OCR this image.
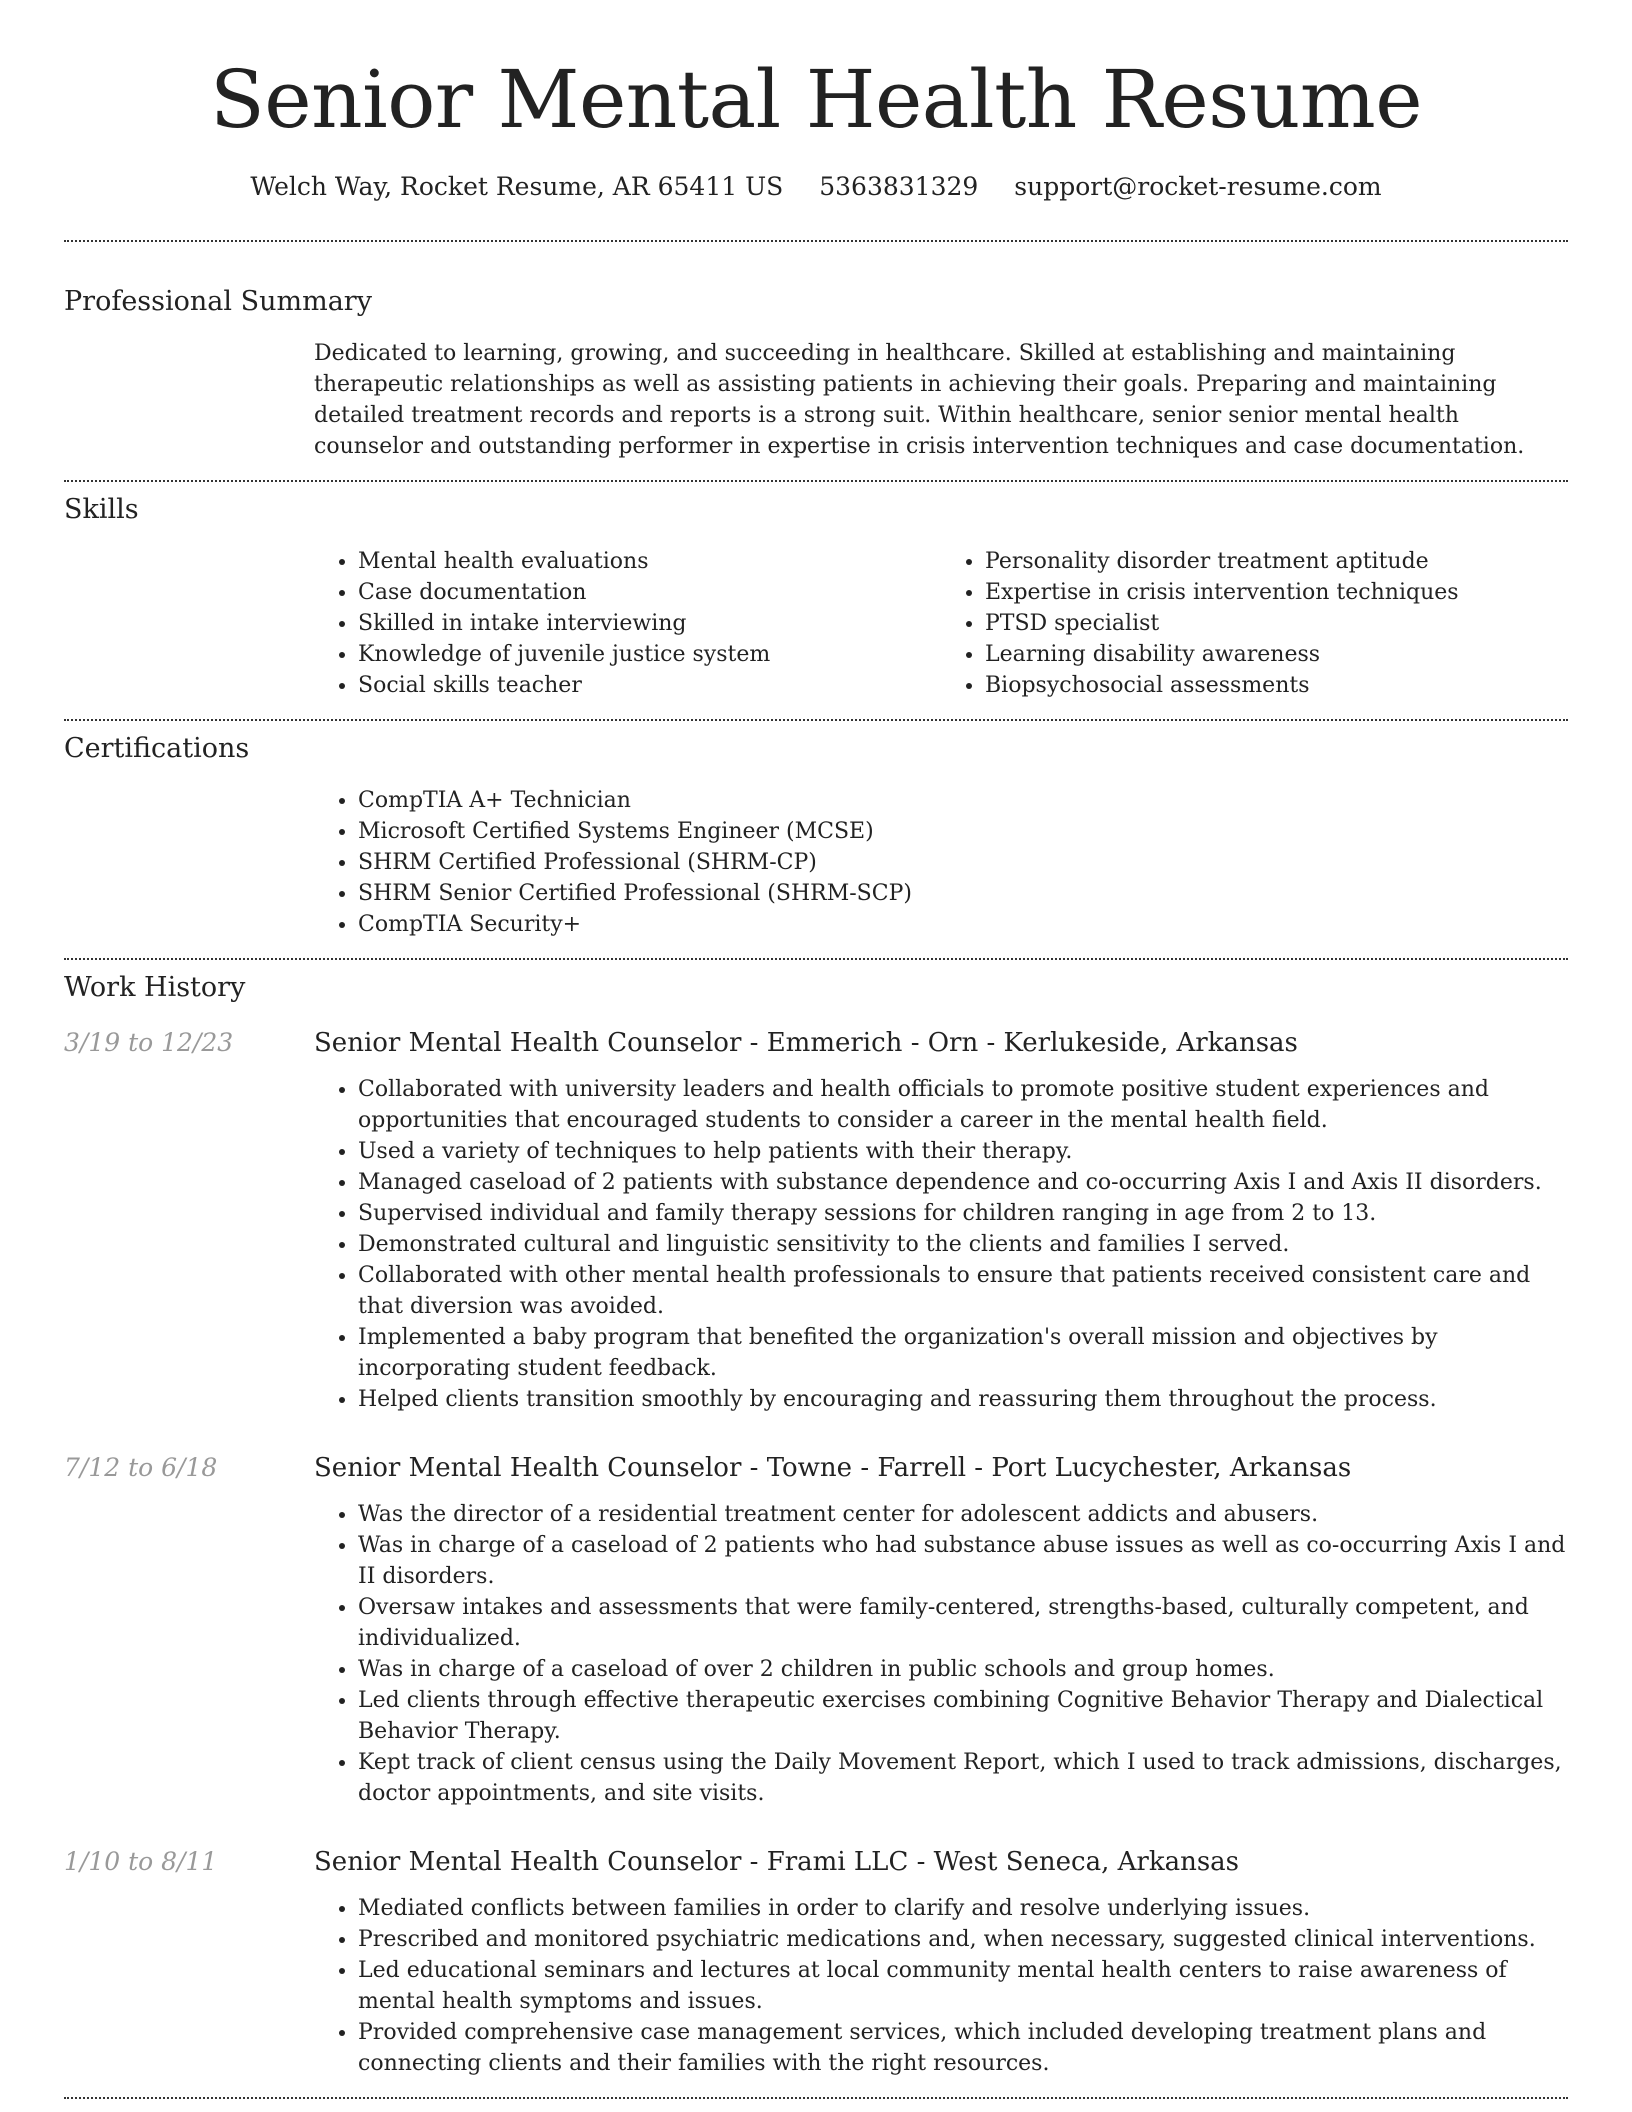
Senior Mental Health Resume
Welch Way, Rocket Resume, AR 65411 US 5363831329 support@rocket-resume.com
Professional Summary

Dedicated to learning, growing, and succeeding in healthcare. Skilled at establishing and maintaining therapeutic relationships as well as assisting patients in achieving their goals. Preparing and maintaining detailed treatment records and reports is a strong suit. Within healthcare, senior senior mental health counselor and outstanding performer in expertise in crisis intervention techniques and case documentation.

Skills
• Mental health evaluations
• Case documentation
• Skilled in intake interviewing
• Knowledge of juvenile justice system
• Social skills teacher
• Personality disorder treatment aptitude
• Expertise in crisis intervention techniques
• PTSD specialist
• Learning disability awareness
• Biopsychosocial assessments
Certifications
• CompTIA A+ Technician
• Microsoft Certified Systems Engineer (MCSE)
• SHRM Certified Professional (SHRM-CP)
• SHRM Senior Certified Professional (SHRM-SCP)
• CompTIA Security+
Work History
3/19 to 12/23	Senior Mental Health Counselor - Emmerich - Orn - Kerlukeside, Arkansas
• Collaborated with university leaders and health officials to promote positive student experiences and opportunities that encouraged students to consider a career in the mental health field.
• Used a variety of techniques to help patients with their therapy.
• Managed caseload of 2 patients with substance dependence and co-occurring Axis I and Axis II disorders.
• Supervised individual and family therapy sessions for children ranging in age from 2 to 13.
• Demonstrated cultural and linguistic sensitivity to the clients and families I served.
• Collaborated with other mental health professionals to ensure that patients received consistent care and that diversion was avoided.
• Implemented a baby program that benefited the organization's overall mission and objectives by incorporating student feedback.
• Helped clients transition smoothly by encouraging and reassuring them throughout the process.
7/12 to 6/18	Senior Mental Health Counselor - Towne - Farrell - Port Lucychester, Arkansas
• Was the director of a residential treatment center for adolescent addicts and abusers.
• Was in charge of a caseload of 2 patients who had substance abuse issues as well as co-occurring Axis I and II disorders.
• Oversaw intakes and assessments that were family-centered, strengths-based, culturally competent, and individualized.
• Was in charge of a caseload of over 2 children in public schools and group homes.
• Led clients through effective therapeutic exercises combining Cognitive Behavior Therapy and Dialectical Behavior Therapy.
• Kept track of client census using the Daily Movement Report, which I used to track admissions, discharges, doctor appointments, and site visits.
1/10 to 8/11	Senior Mental Health Counselor - Frami LLC - West Seneca, Arkansas
• Mediated conflicts between families in order to clarify and resolve underlying issues.
• Prescribed and monitored psychiatric medications and, when necessary, suggested clinical interventions.
• Led educational seminars and lectures at local community mental health centers to raise awareness of mental health symptoms and issues.
• Provided comprehensive case management services, which included developing treatment plans and connecting clients and their families with the right resources.
